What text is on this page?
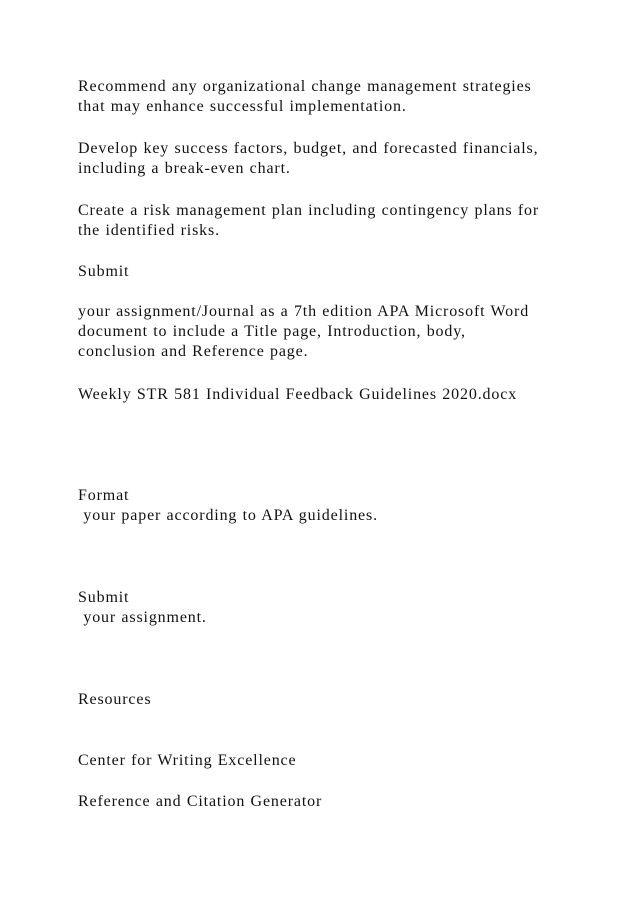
Recommend any organizational change management strategies

that may enhance successful implementation.

Develop key success factors, budget, and forecasted financials,

including a break-even chart.

Create a risk management plan including contingency plans for

the identified risks.

Submit

your assignment/Journal as a 7th edition APA Microsoft Word

document to include a Title page, Introduction, body,

conclusion and Reference page.

Weekly STR 581 Individual Feedback Guidelines 2020.docx

Format

your paper according to APA guidelines.

Submit

your assignment.

Resources

Center for Writing Excellence

Reference and Citation Generator
